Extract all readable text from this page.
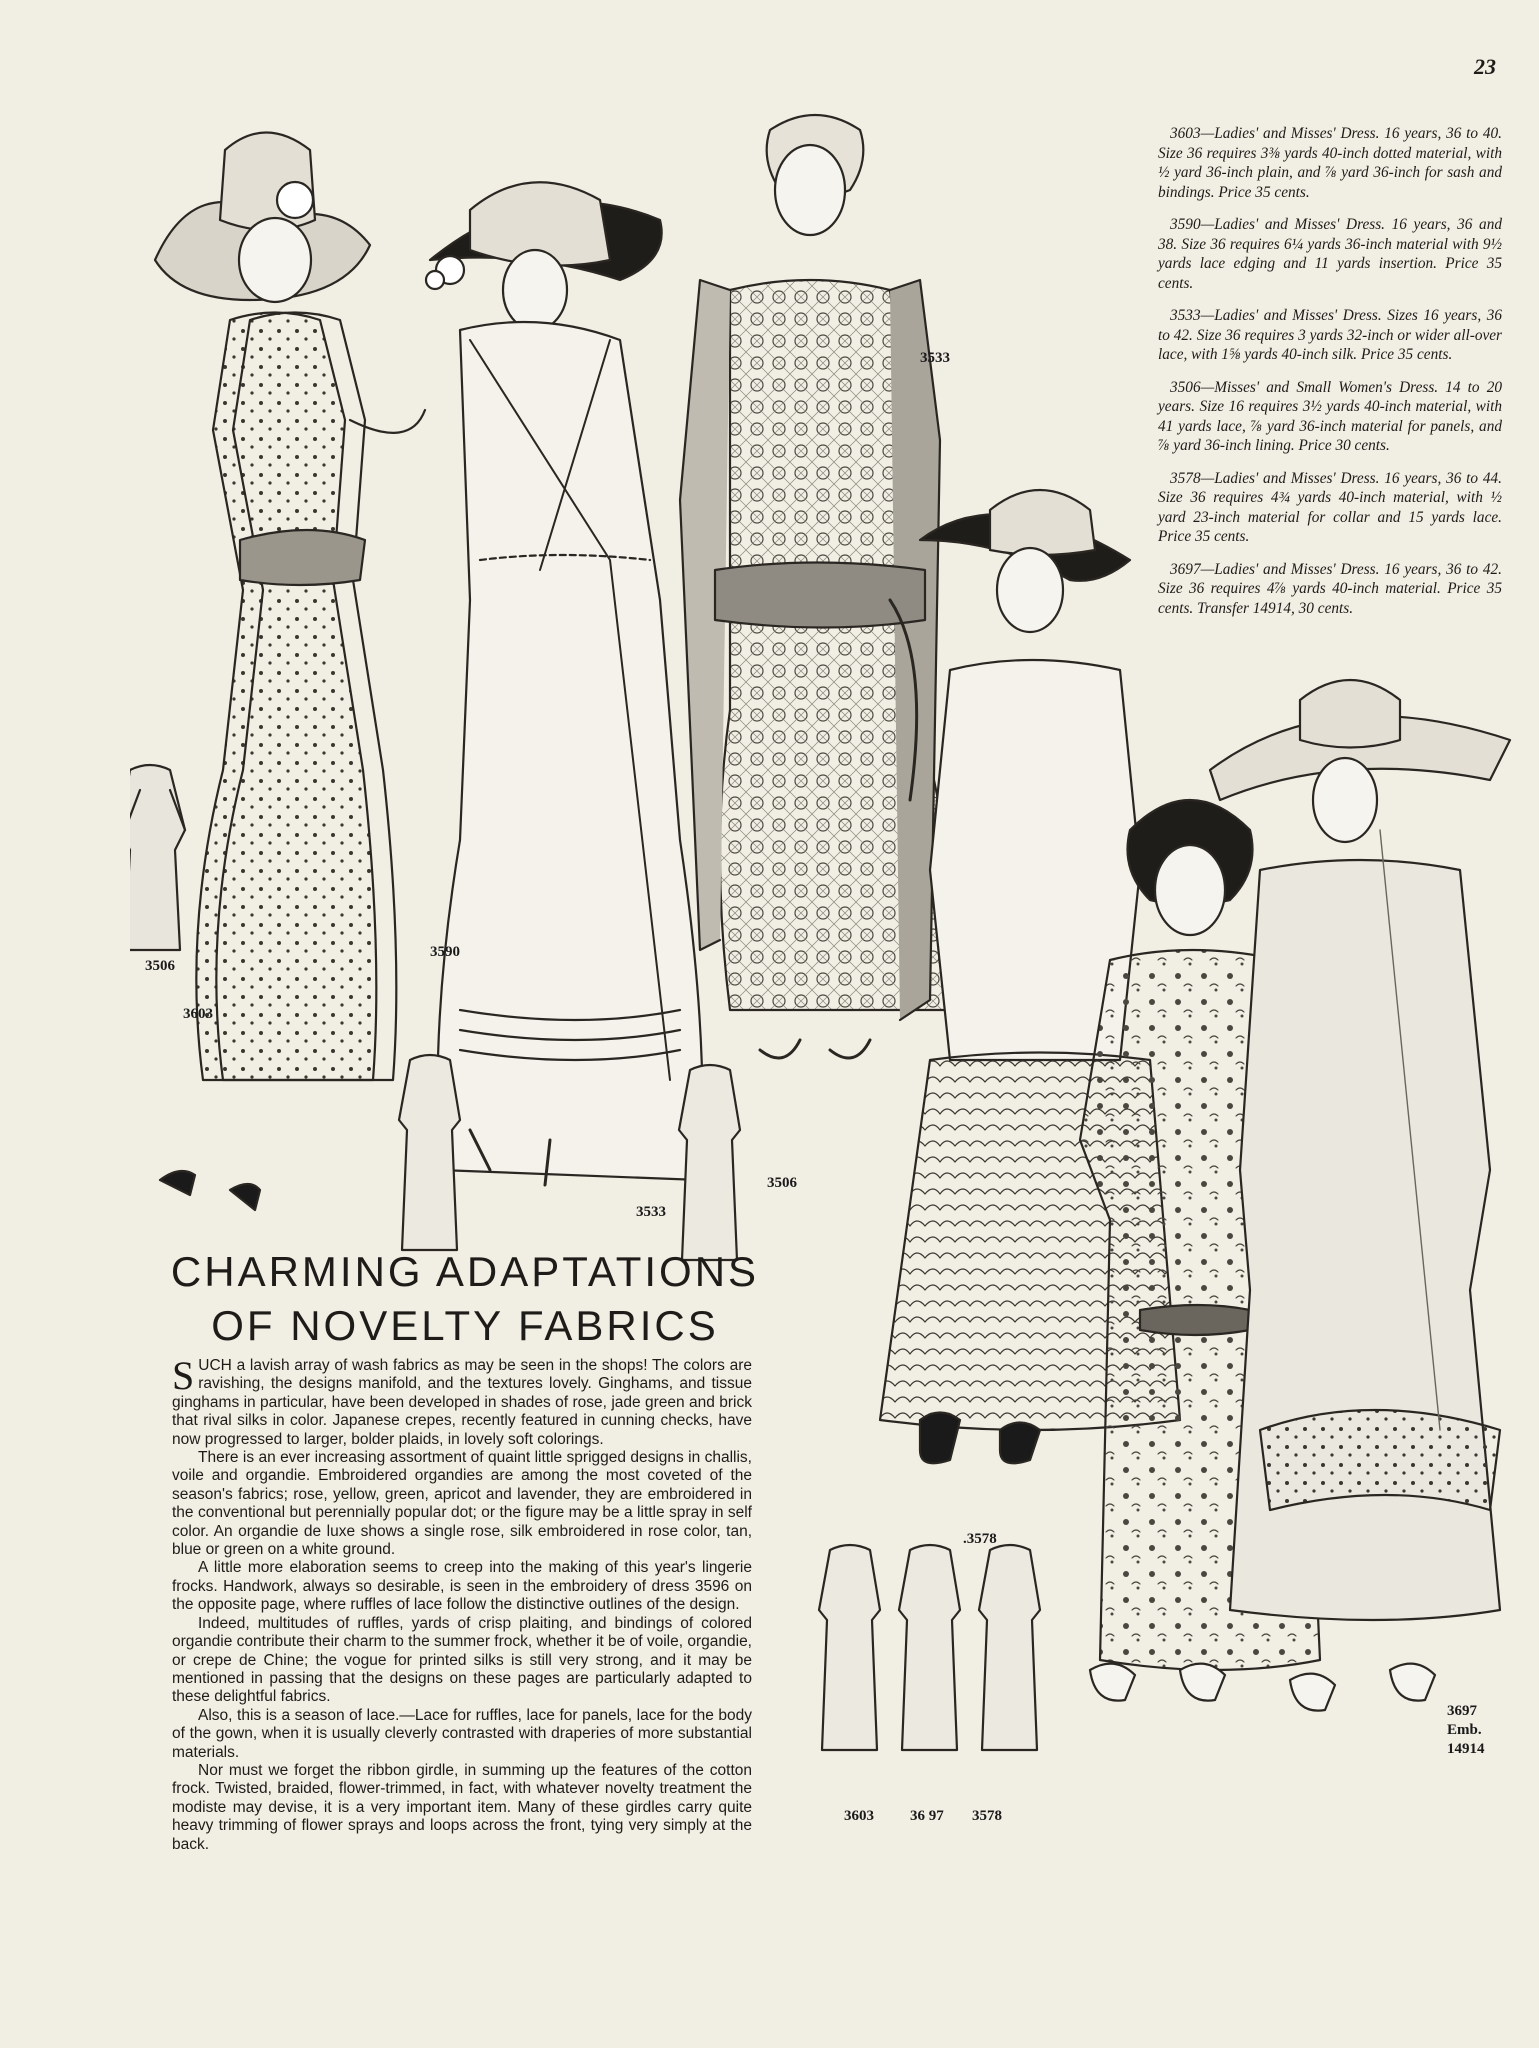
23
3603
3506
3590
3533
3533
3506
.3578
3697
Emb.
14914
3603 36 97 3578

3603—Ladies' and Misses' Dress. 16 years, 36 to 40. Size 36 requires 3⅜ yards 40-inch dotted material, with ½ yard 36-inch plain, and ⅞ yard 36-inch for sash and bindings. Price 35 cents.

3590—Ladies' and Misses' Dress. 16 years, 36 and 38. Size 36 requires 6¼ yards 36-inch material with 9½ yards lace edging and 11 yards insertion. Price 35 cents.

3533—Ladies' and Misses' Dress. Sizes 16 years, 36 to 42. Size 36 requires 3 yards 32-inch or wider all-over lace, with 1⅝ yards 40-inch silk. Price 35 cents.

3506—Misses' and Small Women's Dress. 14 to 20 years. Size 16 requires 3½ yards 40-inch material, with 41 yards lace, ⅞ yard 36-inch material for panels, and ⅞ yard 36-inch lining. Price 30 cents.

3578—Ladies' and Misses' Dress. 16 years, 36 to 44. Size 36 requires 4¾ yards 40-inch material, with ½ yard 23-inch material for collar and 15 yards lace. Price 35 cents.

3697—Ladies' and Misses' Dress. 16 years, 36 to 42. Size 36 requires 4⅞ yards 40-inch material. Price 35 cents. Transfer 14914, 30 cents.

CHARMING ADAPTATIONS
OF NOVELTY FABRICS

SUCH a lavish array of wash fabrics as may be seen in the shops! The colors are ravishing, the designs manifold, and the textures lovely. Ginghams, and tissue ginghams in particular, have been developed in shades of rose, jade green and brick that rival silks in color. Japanese crepes, recently featured in cunning checks, have now progressed to larger, bolder plaids, in lovely soft colorings.

There is an ever increasing assortment of quaint little sprigged designs in challis, voile and organdie. Embroidered organdies are among the most coveted of the season's fabrics; rose, yellow, green, apricot and lavender, they are embroidered in the conventional but perennially popular dot; or the figure may be a little spray in self color. An organdie de luxe shows a single rose, silk embroidered in rose color, tan, blue or green on a white ground.

A little more elaboration seems to creep into the making of this year's lingerie frocks. Handwork, always so desirable, is seen in the embroidery of dress 3596 on the opposite page, where ruffles of lace follow the distinctive outlines of the design.

Indeed, multitudes of ruffles, yards of crisp plaiting, and bindings of colored organdie contribute their charm to the summer frock, whether it be of voile, organdie, or crepe de Chine; the vogue for printed silks is still very strong, and it may be mentioned in passing that the designs on these pages are particularly adapted to these delightful fabrics.

Also, this is a season of lace.—Lace for ruffles, lace for panels, lace for the body of the gown, when it is usually cleverly contrasted with draperies of more substantial materials.

Nor must we forget the ribbon girdle, in summing up the features of the cotton frock. Twisted, braided, flower-trimmed, in fact, with whatever novelty treatment the modiste may devise, it is a very important item. Many of these girdles carry quite heavy trimming of flower sprays and loops across the front, tying very simply at the back.
